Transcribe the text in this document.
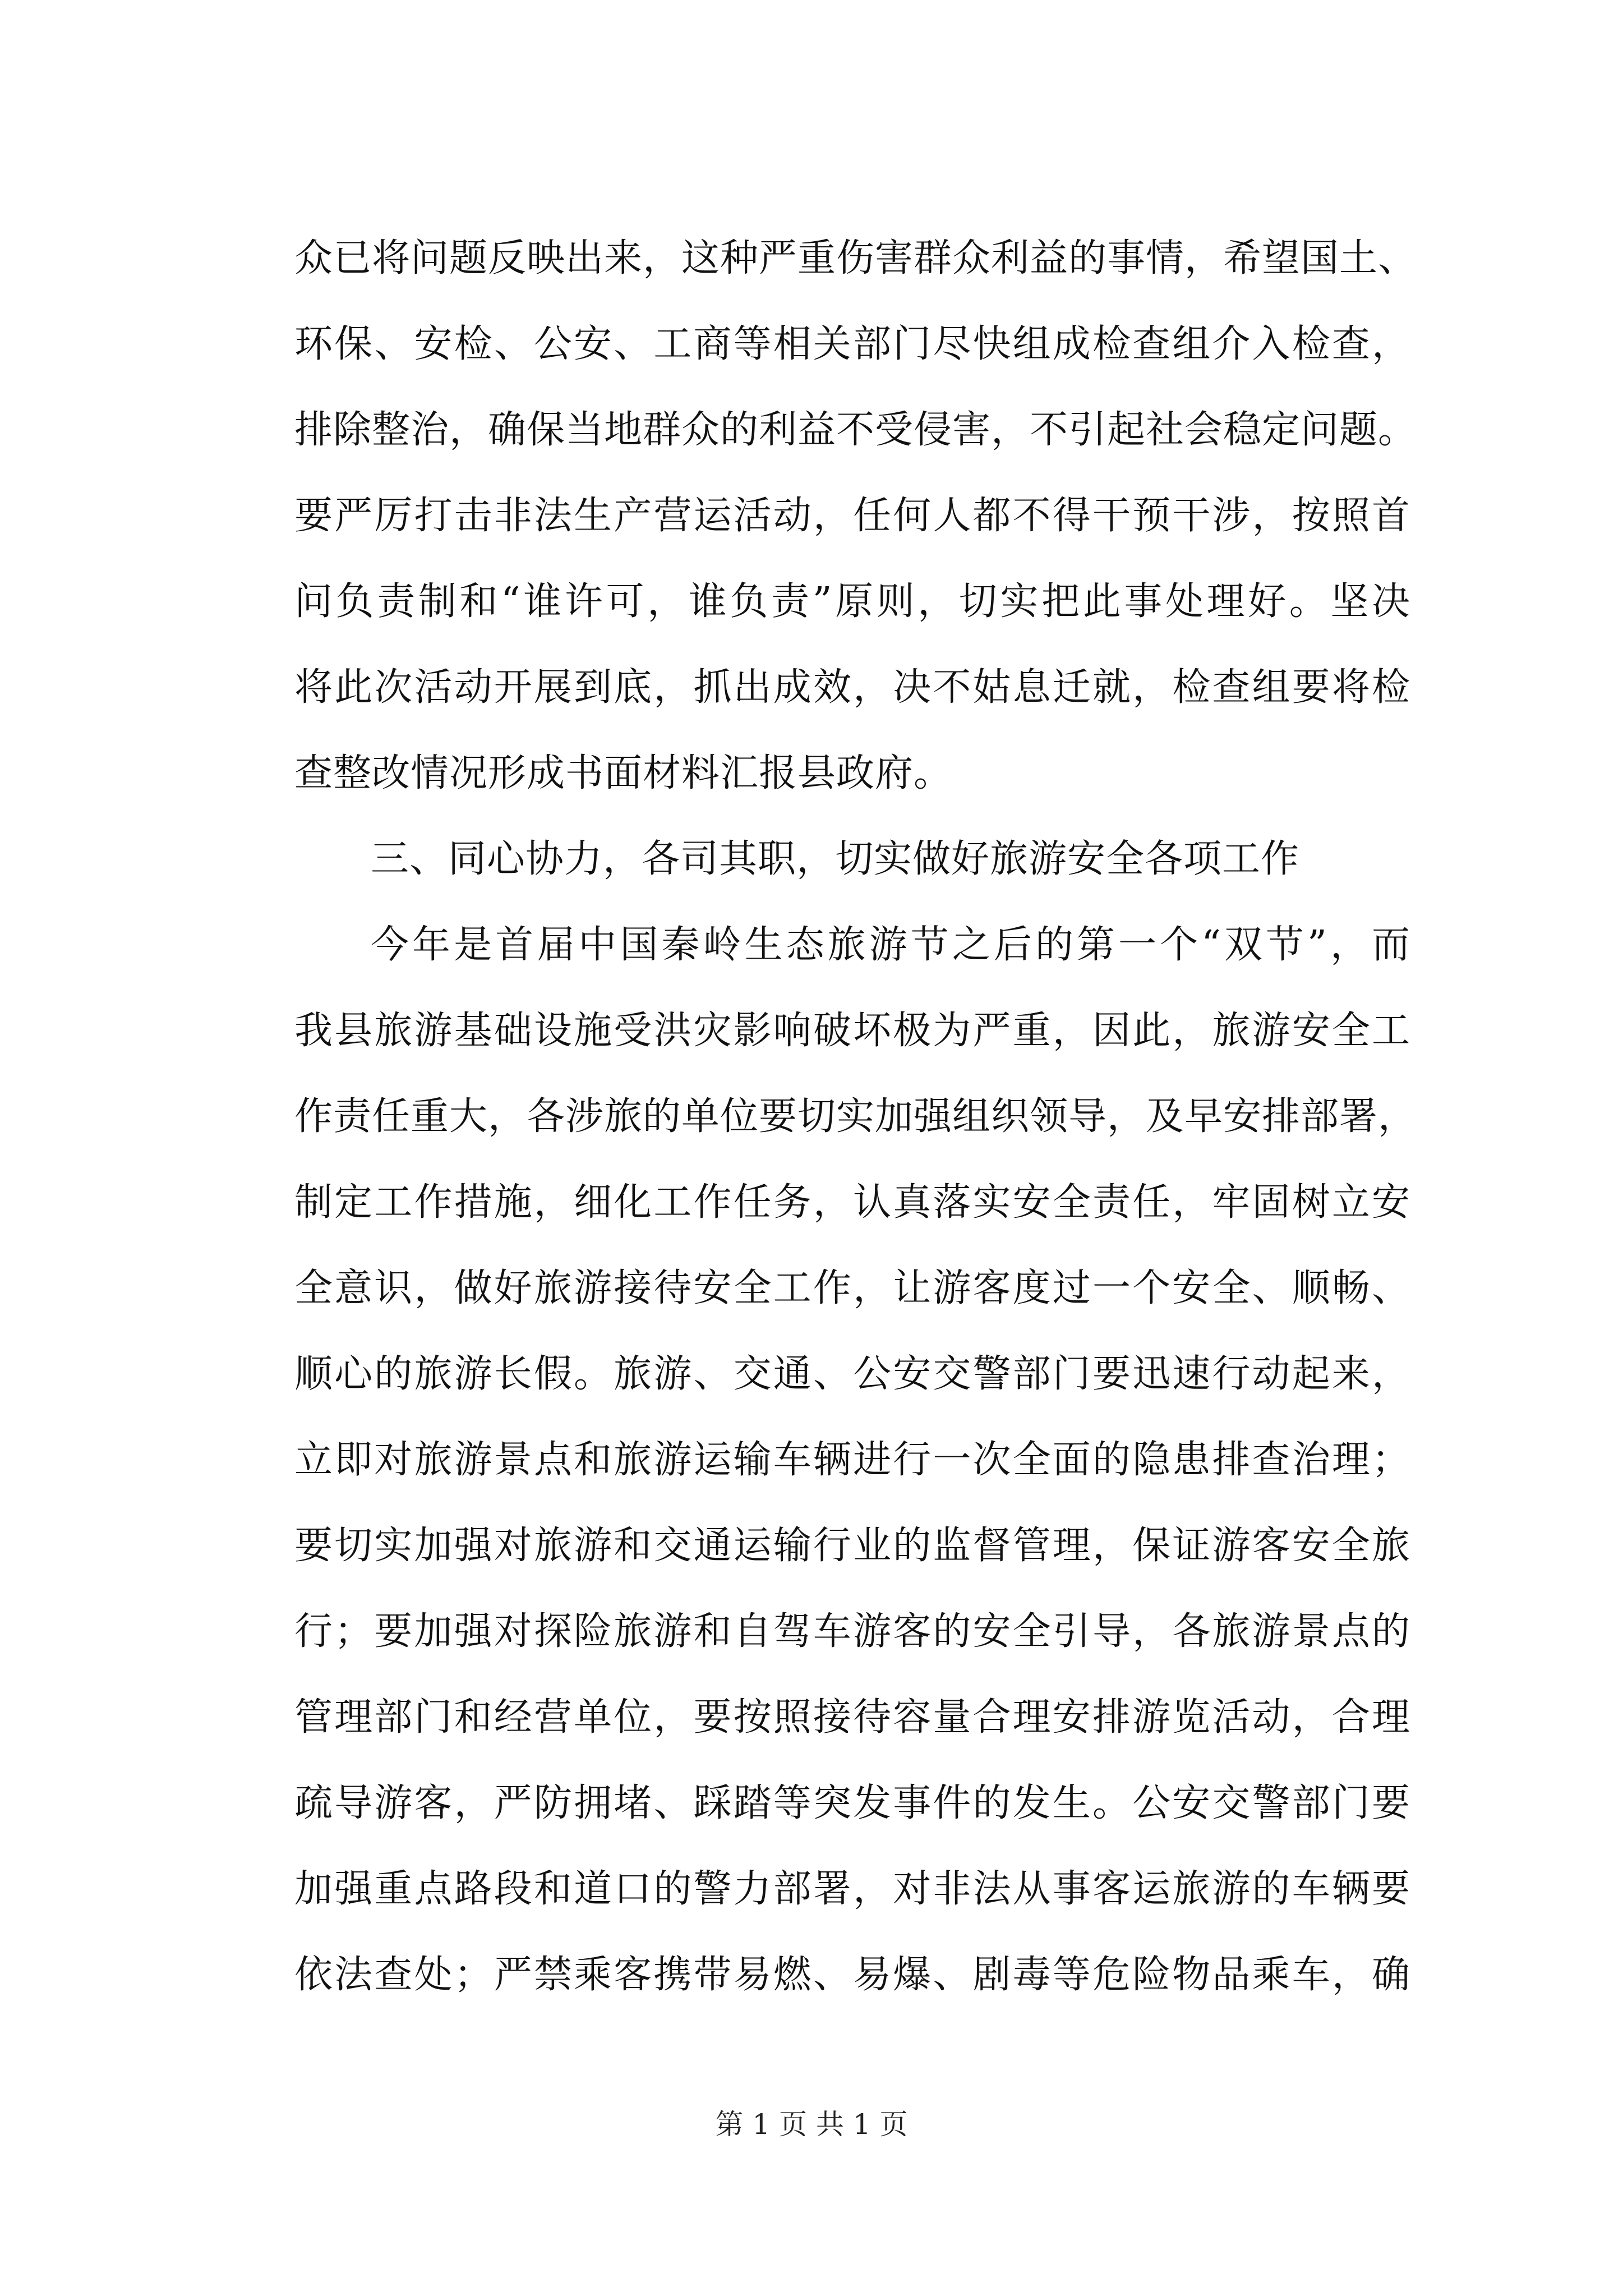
众已将问题反映出来，这种严重伤害群众利益的事情，希望国土、
环保、安检、公安、工商等相关部门尽快组成检查组介入检查，
排除整治，确保当地群众的利益不受侵害，不引起社会稳定问题。
要严厉打击非法生产营运活动，任何人都不得干预干涉，按照首
问负责制和“谁许可，谁负责”原则，切实把此事处理好。坚决
将此次活动开展到底，抓出成效，决不姑息迁就，检查组要将检
查整改情况形成书面材料汇报县政府。
三、同心协力，各司其职，切实做好旅游安全各项工作
今年是首届中国秦岭生态旅游节之后的第一个“双节”，而
我县旅游基础设施受洪灾影响破坏极为严重，因此，旅游安全工
作责任重大，各涉旅的单位要切实加强组织领导，及早安排部署，
制定工作措施，细化工作任务，认真落实安全责任，牢固树立安
全意识，做好旅游接待安全工作，让游客度过一个安全、顺畅、
顺心的旅游长假。旅游、交通、公安交警部门要迅速行动起来，
立即对旅游景点和旅游运输车辆进行一次全面的隐患排查治理；
要切实加强对旅游和交通运输行业的监督管理，保证游客安全旅
行；要加强对探险旅游和自驾车游客的安全引导，各旅游景点的
管理部门和经营单位，要按照接待容量合理安排游览活动，合理
疏导游客，严防拥堵、踩踏等突发事件的发生。公安交警部门要
加强重点路段和道口的警力部署，对非法从事客运旅游的车辆要
依法查处；严禁乘客携带易燃、易爆、剧毒等危险物品乘车，确
第 1 页 共 1 页
